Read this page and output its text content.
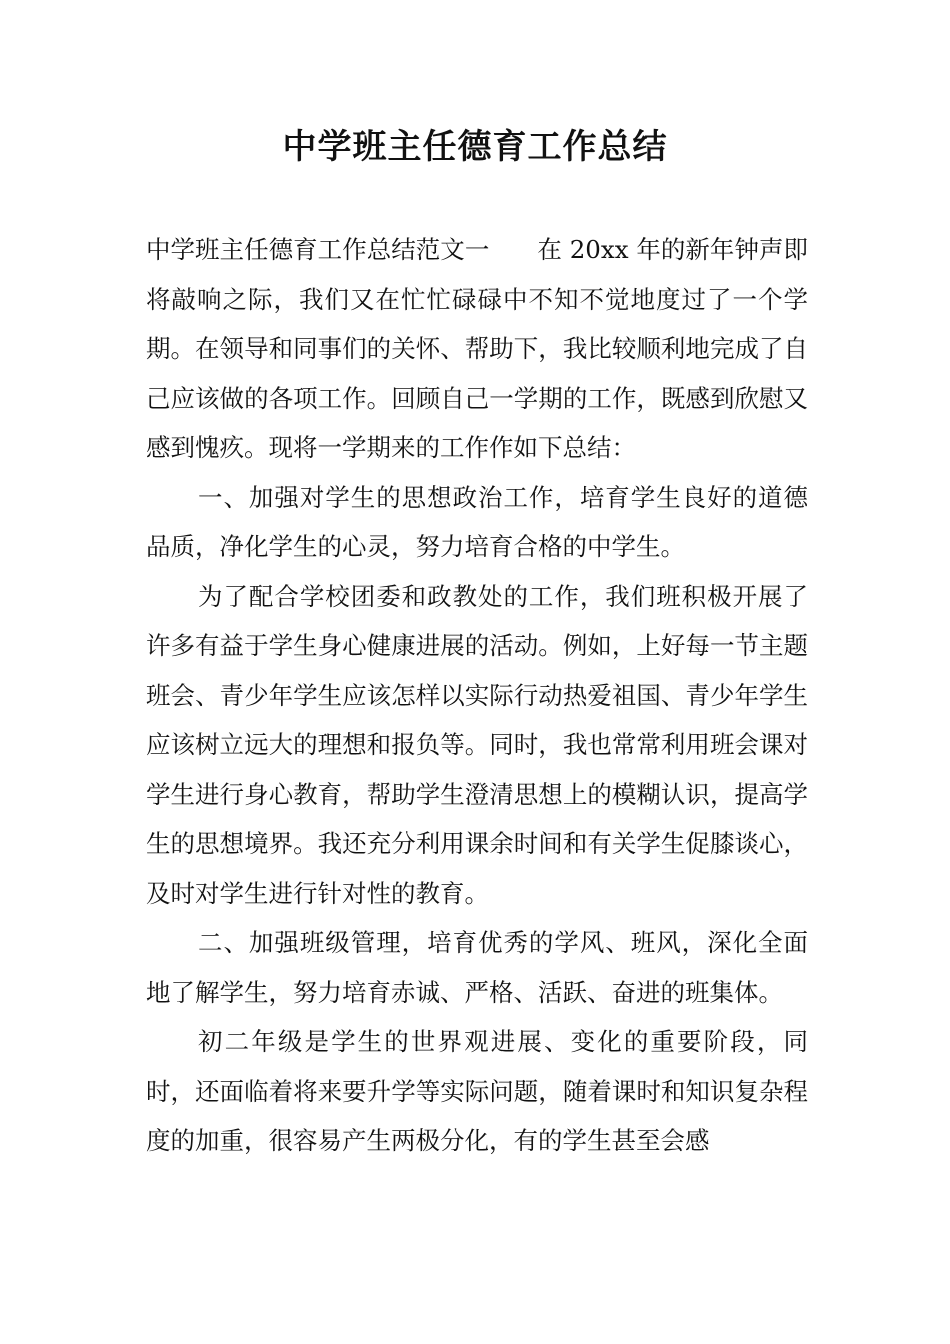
中学班主任德育工作总结

中学班主任德育工作总结范文一 在 20xx 年的新年钟声即将敲响之际，我们又在忙忙碌碌中不知不觉地度过了一个学期。在领导和同事们的关怀、帮助下，我比较顺利地完成了自己应该做的各项工作。回顾自己一学期的工作，既感到欣慰又感到愧疚。现将一学期来的工作作如下总结：

一、加强对学生的思想政治工作，培育学生良好的道德品质，净化学生的心灵，努力培育合格的中学生。

为了配合学校团委和政教处的工作，我们班积极开展了许多有益于学生身心健康进展的活动。例如，上好每一节主题班会、青少年学生应该怎样以实际行动热爱祖国、青少年学生应该树立远大的理想和报负等。同时，我也常常利用班会课对学生进行身心教育，帮助学生澄清思想上的模糊认识，提高学生的思想境界。我还充分利用课余时间和有关学生促膝谈心，及时对学生进行针对性的教育。

二、加强班级管理，培育优秀的学风、班风，深化全面地了解学生，努力培育赤诚、严格、活跃、奋进的班集体。

初二年级是学生的世界观进展、变化的重要阶段，同时，还面临着将来要升学等实际问题，随着课时和知识复杂程度的加重，很容易产生两极分化，有的学生甚至会感
